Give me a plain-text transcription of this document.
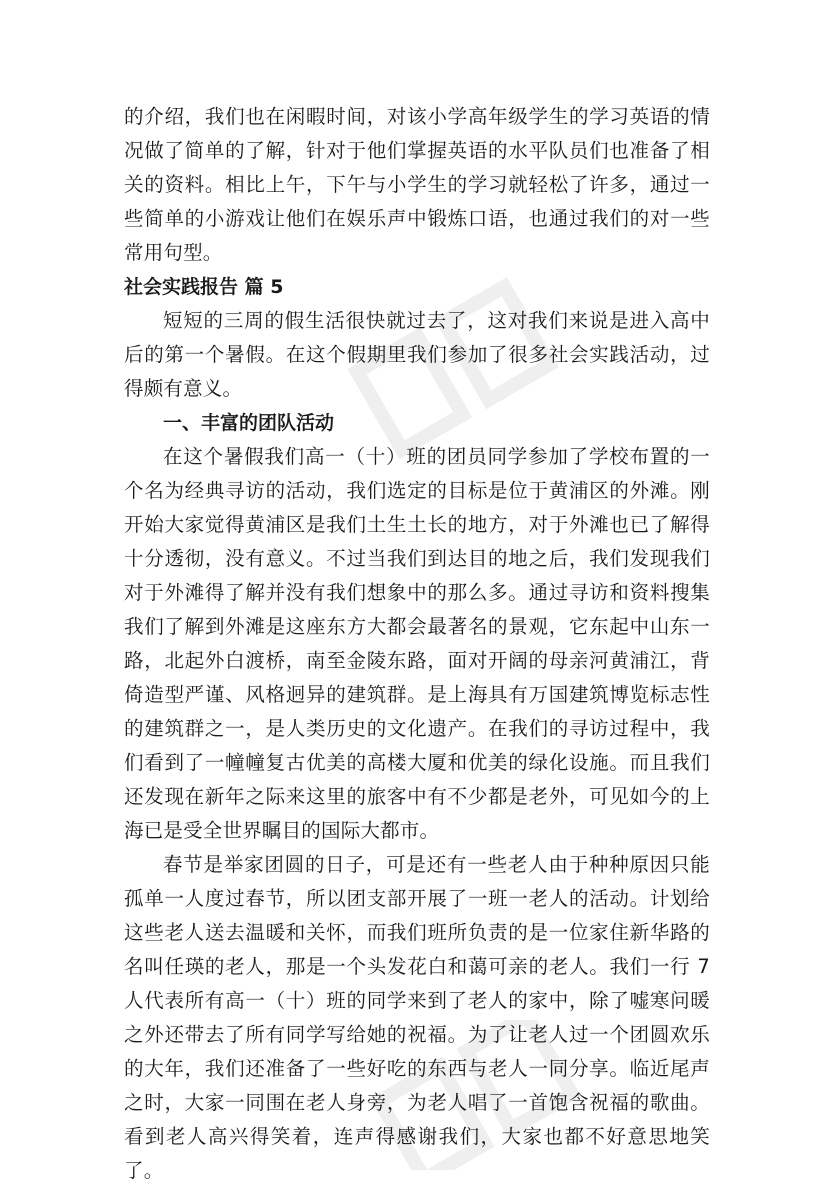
的介绍，我们也在闲暇时间，对该小学高年级学生的学习英语的情况做了简单的了解，针对于他们掌握英语的水平队员们也准备了相关的资料。相比上午，下午与小学生的学习就轻松了许多，通过一些简单的小游戏让他们在娱乐声中锻炼口语，也通过我们的对一些常用句型。

社会实践报告 篇 5

短短的三周的假生活很快就过去了，这对我们来说是进入高中后的第一个暑假。在这个假期里我们参加了很多社会实践活动，过得颇有意义。

一、丰富的团队活动

在这个暑假我们高一（十）班的团员同学参加了学校布置的一个名为经典寻访的活动，我们选定的目标是位于黄浦区的外滩。刚开始大家觉得黄浦区是我们土生土长的地方，对于外滩也已了解得十分透彻，没有意义。不过当我们到达目的地之后，我们发现我们对于外滩得了解并没有我们想象中的那么多。通过寻访和资料搜集我们了解到外滩是这座东方大都会最著名的景观，它东起中山东一路，北起外白渡桥，南至金陵东路，面对开阔的母亲河黄浦江，背倚造型严谨、风格迥异的建筑群。是上海具有万国建筑博览标志性的建筑群之一，是人类历史的文化遗产。在我们的寻访过程中，我们看到了一幢幢复古优美的高楼大厦和优美的绿化设施。而且我们还发现在新年之际来这里的旅客中有不少都是老外，可见如今的上海已是受全世界瞩目的国际大都市。

春节是举家团圆的日子，可是还有一些老人由于种种原因只能孤单一人度过春节，所以团支部开展了一班一老人的活动。计划给这些老人送去温暖和关怀，而我们班所负责的是一位家住新华路的名叫任瑛的老人，那是一个头发花白和蔼可亲的老人。我们一行 7 人代表所有高一（十）班的同学来到了老人的家中，除了嘘寒问暖之外还带去了所有同学写给她的祝福。为了让老人过一个团圆欢乐的大年，我们还准备了一些好吃的东西与老人一同分享。临近尾声之时，大家一同围在老人身旁，为老人唱了一首饱含祝福的歌曲。看到老人高兴得笑着，连声得感谢我们，大家也都不好意思地笑了。
